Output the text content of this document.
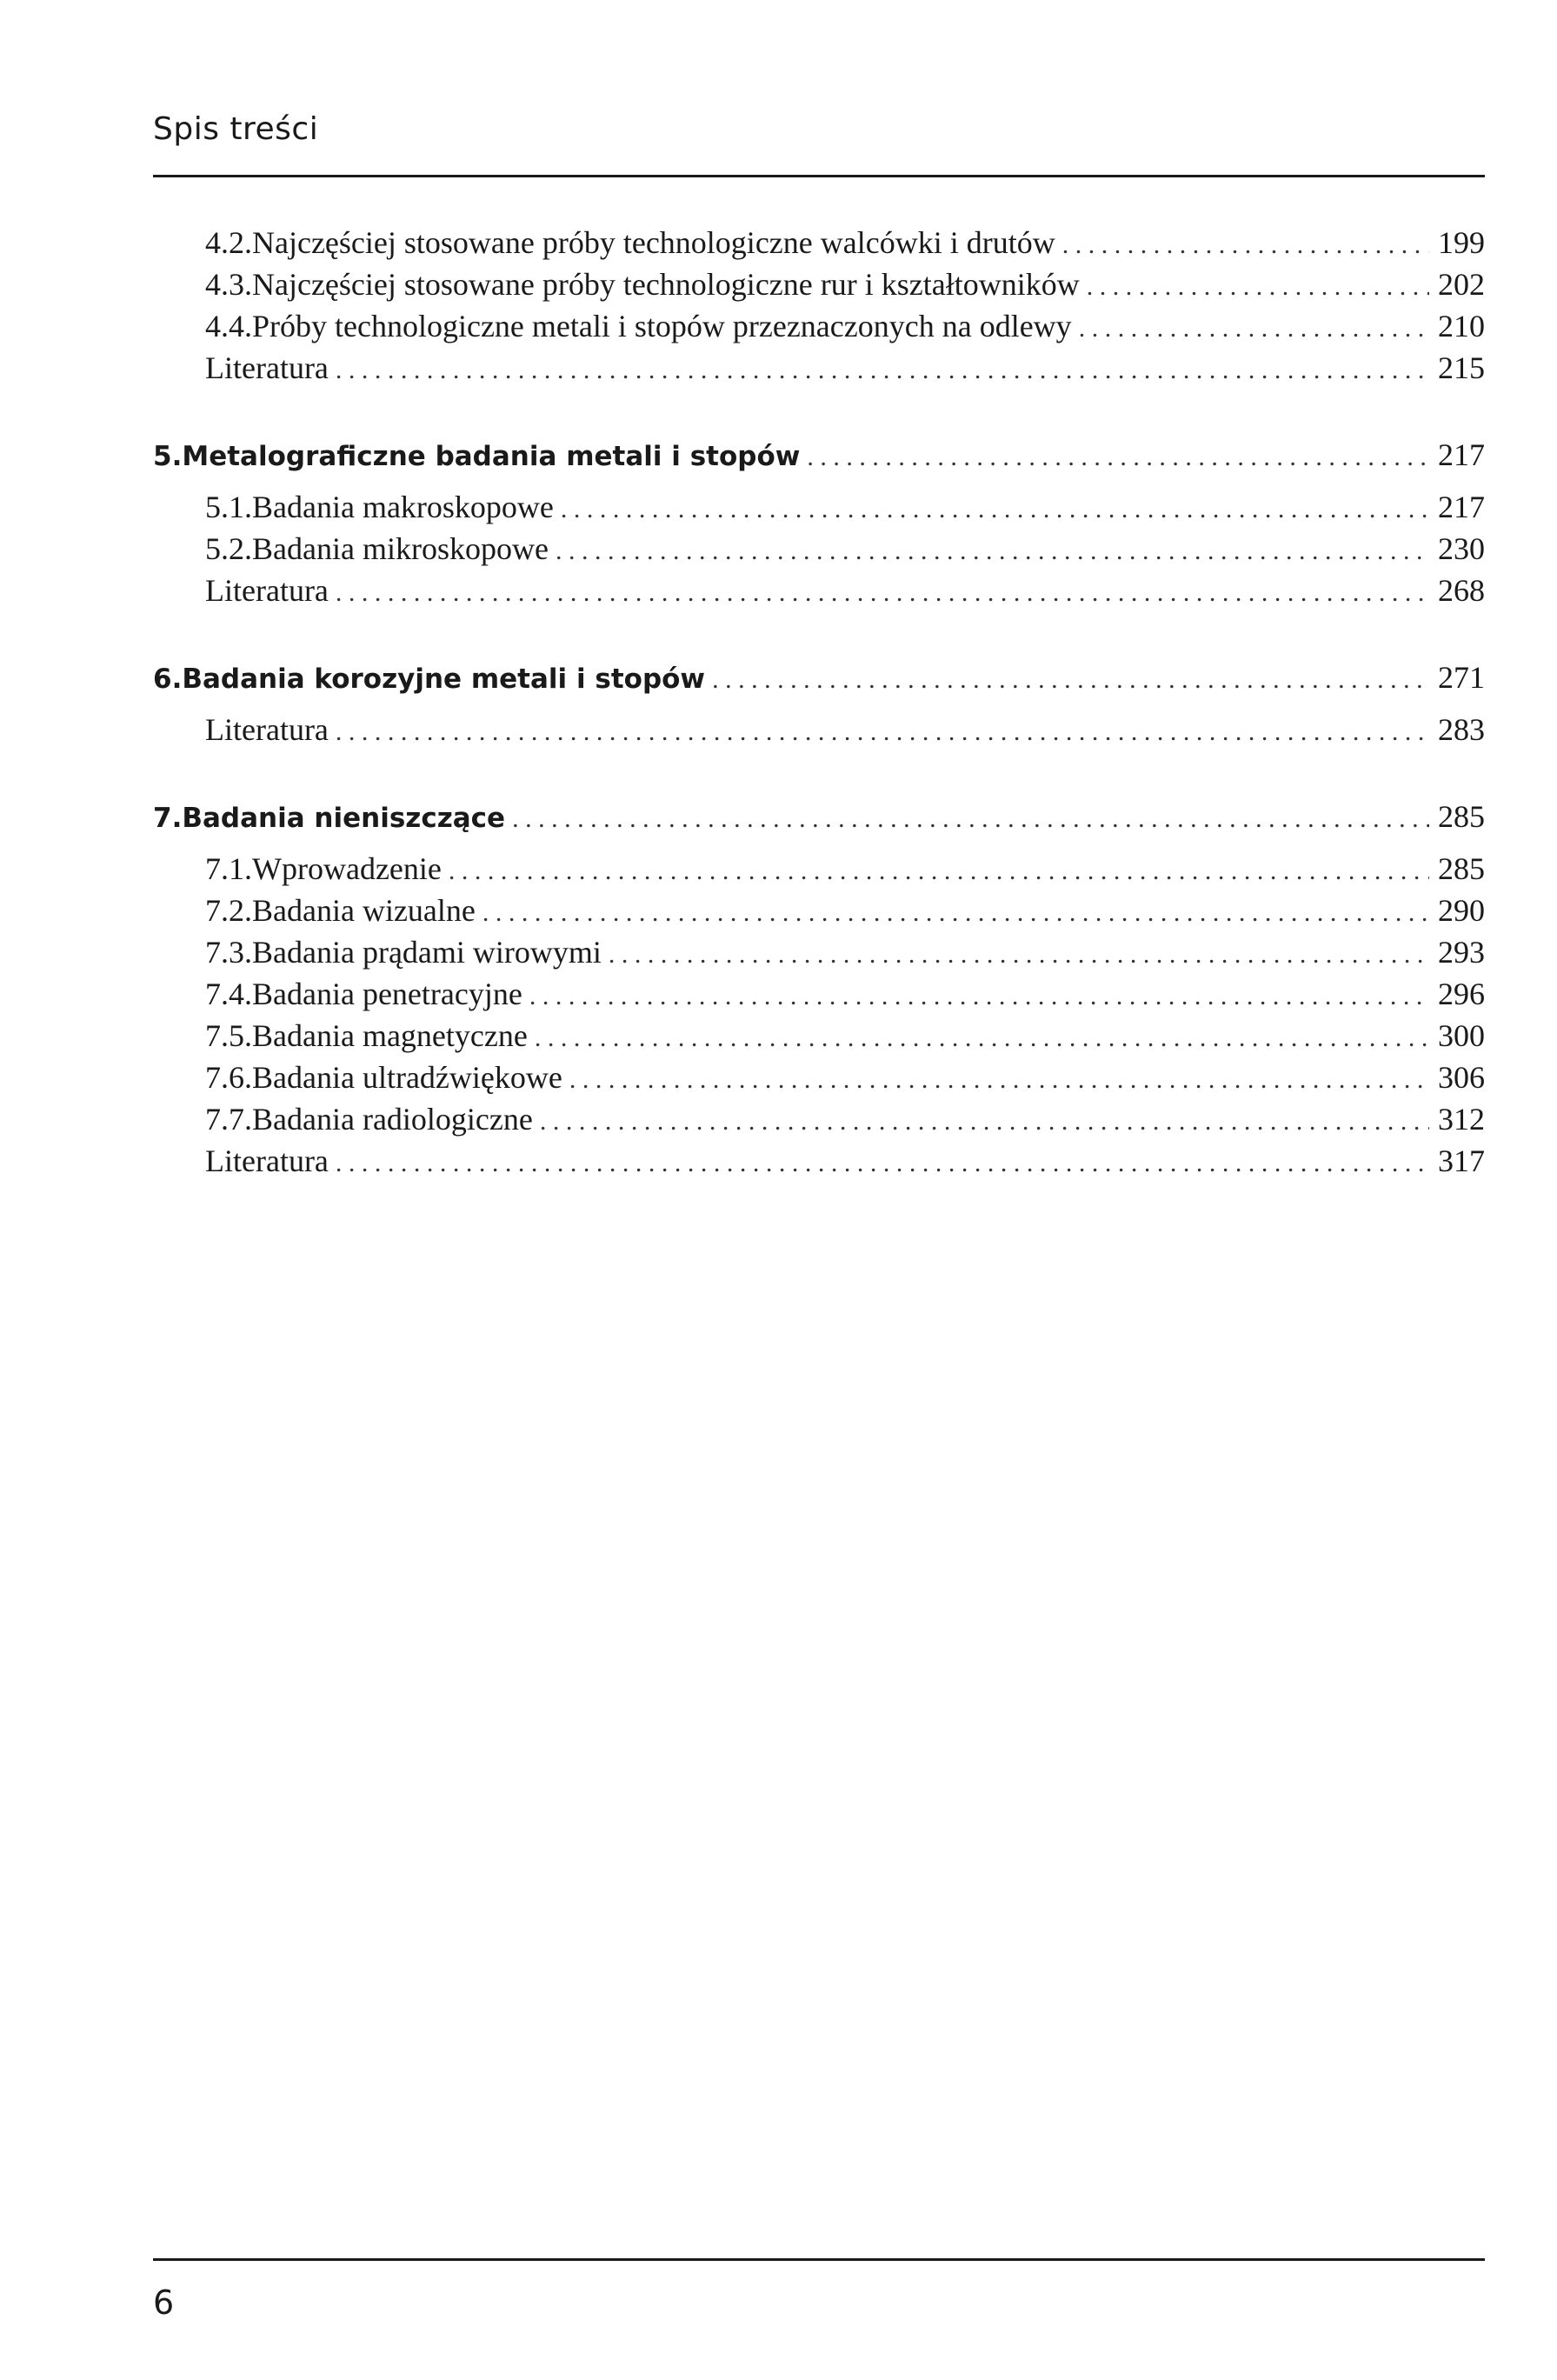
Spis treści
4.2. Najczęściej stosowane próby technologiczne walcówki i drutów . . .	199
4.3. Najczęściej stosowane próby technologiczne rur i kształtowników . . .	202
4.4. Próby technologiczne metali i stopów przeznaczonych na odlewy . . .	210
Literatura . . .	215
5. Metalograficzne badania metali i stopów . . .	217
5.1. Badania makroskopowe . . .	217
5.2. Badania mikroskopowe . . .	230
Literatura . . .	268
6. Badania korozyjne metali i stopów . . .	271
Literatura . . .	283
7. Badania nieniszczące . . .	285
7.1. Wprowadzenie . . .	285
7.2. Badania wizualne . . .	290
7.3. Badania prądami wirowymi . . .	293
7.4. Badania penetracyjne . . .	296
7.5. Badania magnetyczne . . .	300
7.6. Badania ultradźwiękowe . . .	306
7.7. Badania radiologiczne . . .	312
Literatura . . .	317
6
